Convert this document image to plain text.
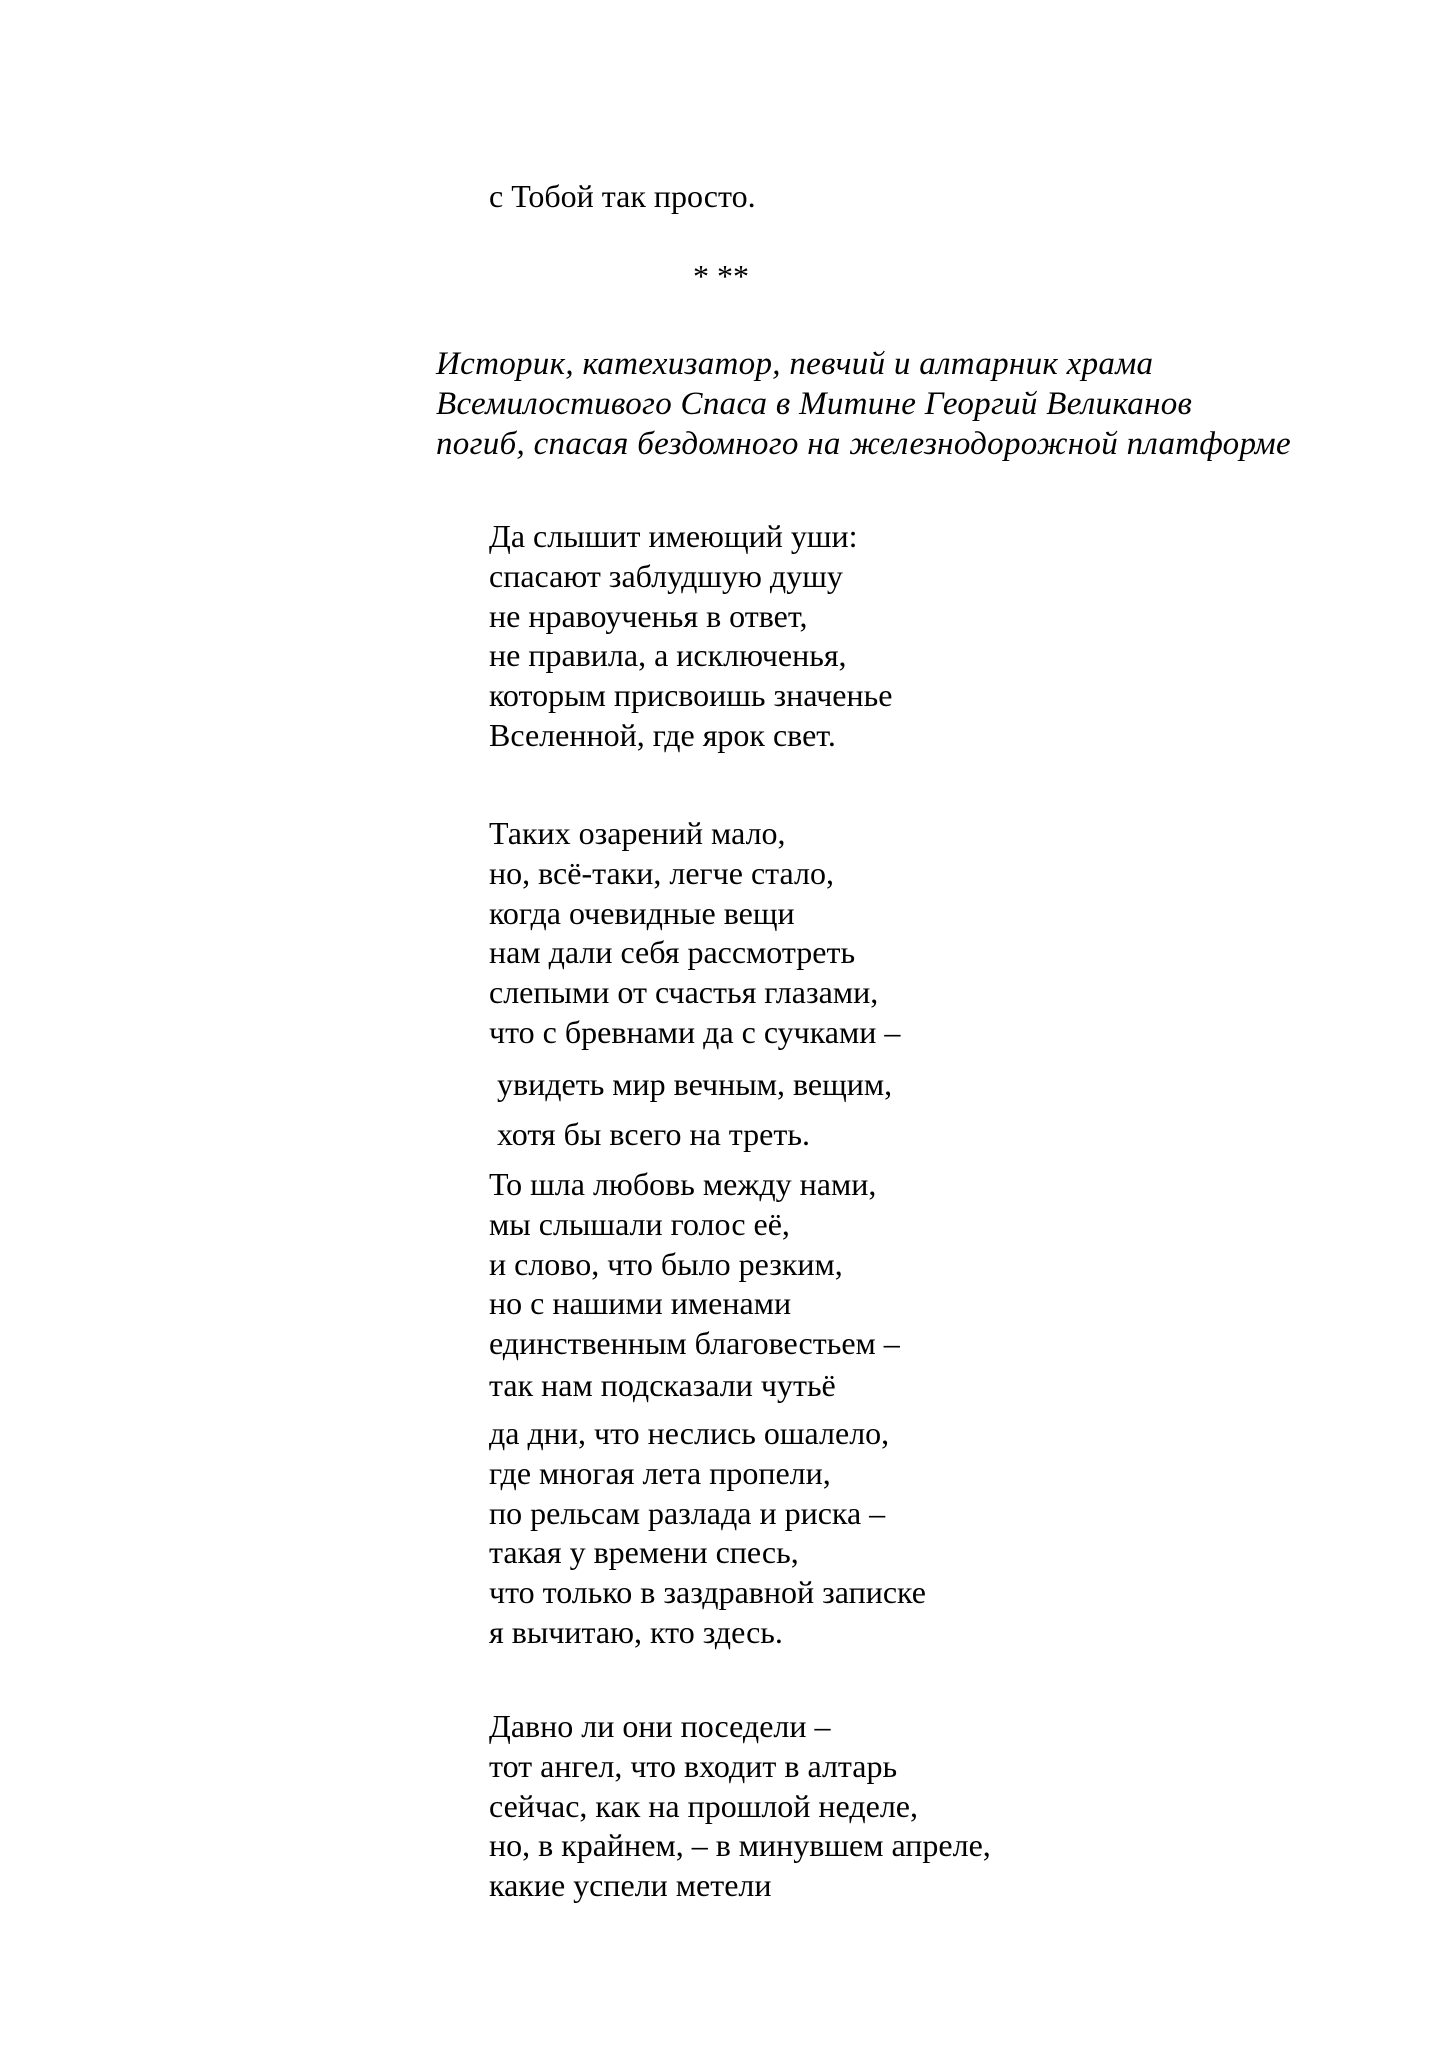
с Тобой так просто.
* **
Историк, катехизатор, певчий и алтарник храма
Всемилостивого Спаса в Митине Георгий Великанов
погиб, спасая бездомного на железнодорожной платформе
Да слышит имеющий уши:
спасают заблудшую душу
не нравоученья в ответ,
не правила, а исключенья,
которым присвоишь значенье
Вселенной, где ярок свет.
Таких озарений мало,
но, всё-таки, легче стало,
когда очевидные вещи
нам дали себя рассмотреть
слепыми от счастья глазами,
что с бревнами да с сучками –
увидеть мир вечным, вещим,
хотя бы всего на треть.
То шла любовь между нами,
мы слышали голос её,
и слово, что было резким,
но с нашими именами
единственным благовестьем –
так нам подсказали чутьё
да дни, что неслись ошалело,
где многая лета пропели,
по рельсам разлада и риска –
такая у времени спесь,
что только в заздравной записке
я вычитаю, кто здесь.
Давно ли они поседели –
тот ангел, что входит в алтарь
сейчас, как на прошлой неделе,
но, в крайнем, – в минувшем апреле,
какие успели метели
